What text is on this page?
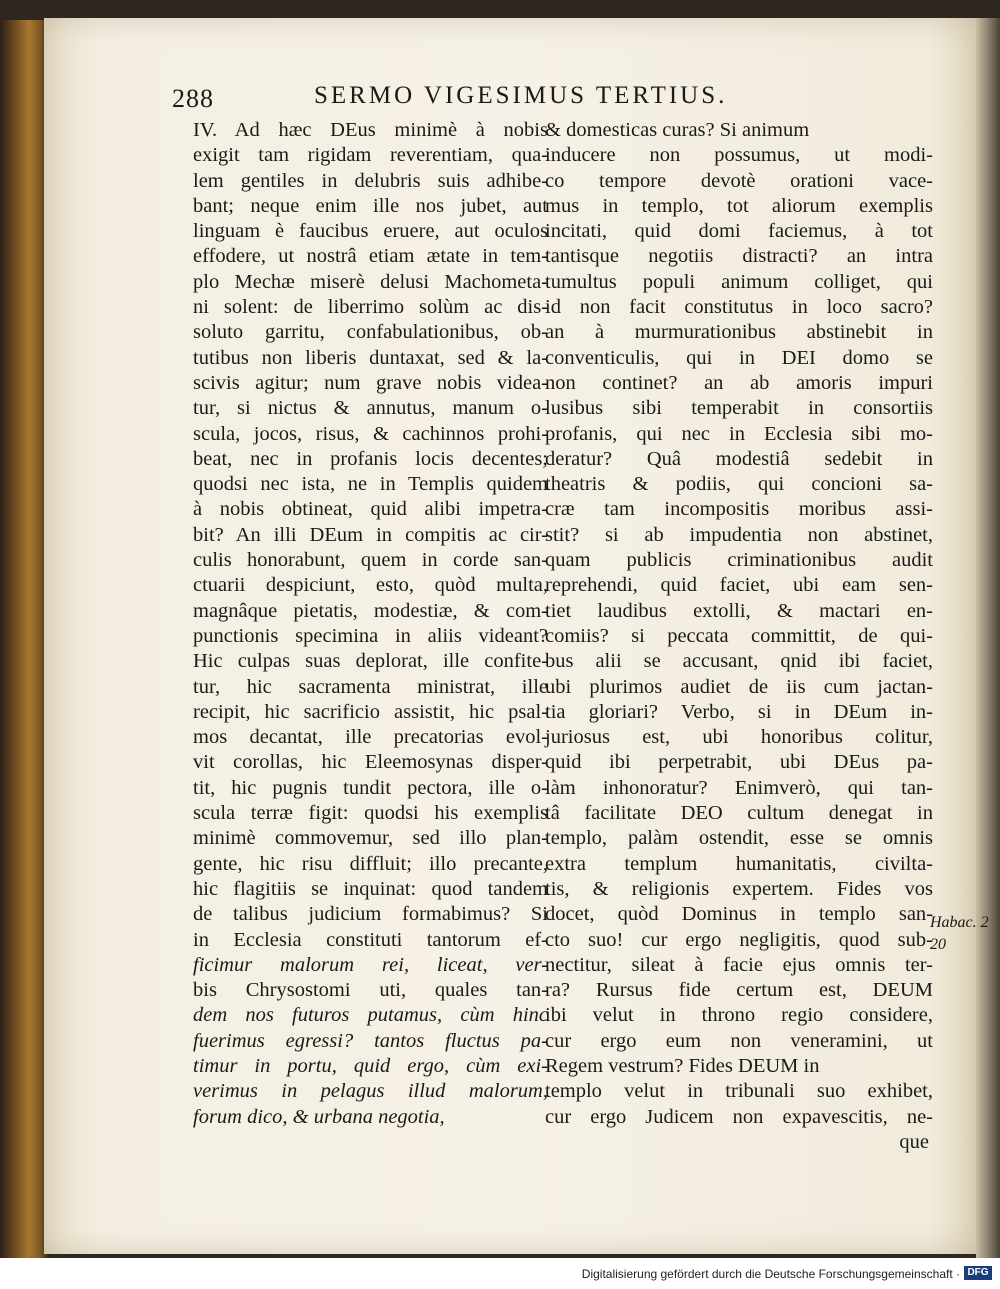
288	SERMO VIGESIMUS TERTIUS.
IV. Ad hæc DEus minimè à nobis
exigit tam rigidam reverentiam, qua-
lem gentiles in delubris suis adhibe-
bant; neque enim ille nos jubet, aut
linguam è faucibus eruere, aut oculos
effodere, ut nostrâ etiam ætate in tem-
plo Mechæ miserè delusi Machometa-
ni solent: de liberrimo solùm ac dis-
soluto garritu, confabulationibus, ob-
tutibus non liberis duntaxat, sed & la-
scivis agitur; num grave nobis videa-
tur, si nictus & annutus, manum o-
scula, jocos, risus, & cachinnos prohi-
beat, nec in profanis locis decentes;
quodsi nec ista, ne in Templis quidem
à nobis obtineat, quid alibi impetra-
bit? An illi DEum in compitis ac cir-
culis honorabunt, quem in corde san-
ctuarii despiciunt, esto, quòd multa,
magnâque pietatis, modestiæ, & com-
punctionis specimina in aliis videant?
Hic culpas suas deplorat, ille confite-
tur, hic sacramenta ministrat, ille
recipit, hic sacrificio assistit, hic psal-
mos decantat, ille precatorias evol-
vit corollas, hic Eleemosynas disper-
tit, hic pugnis tundit pectora, ille o-
scula terræ figit: quodsi his exemplis
minimè commovemur, sed illo plan-
gente, hic risu diffluit; illo precante,
hic flagitiis se inquinat: quod tandem
de talibus judicium formabimus? Si
in Ecclesia constituti tantorum ef-
ficimur malorum rei, liceat, ver-
bis Chrysostomi uti, quales tan-
dem nos futuros putamus, cùm hinc
fuerimus egressi? tantos fluctus pa-
timur in portu, quid ergo, cùm exi-
verimus in pelagus illud malorum,
forum dico, & urbana negotia,
& domesticas curas? Si animum
inducere non possumus, ut modi-
co tempore devotè orationi vace-
mus in templo, tot aliorum exemplis
incitati, quid domi faciemus, à tot
tantisque negotiis distracti? an intra
tumultus populi animum colliget, qui
id non facit constitutus in loco sacro?
an à murmurationibus abstinebit in
conventiculis, qui in DEI domo se
non continet? an ab amoris impuri
lusibus sibi temperabit in consortiis
profanis, qui nec in Ecclesia sibi mo-
deratur? Quâ modestiâ sedebit in
theatris & podiis, qui concioni sa-
cræ tam incompositis moribus assi-
stit? si ab impudentia non abstinet,
quam publicis criminationibus audit
reprehendi, quid faciet, ubi eam sen-
tiet laudibus extolli, & mactari en-
comiis? si peccata committit, de qui-
bus alii se accusant, qnid ibi faciet,
ubi plurimos audiet de iis cum jactan-
tia gloriari? Verbo, si in DEum in-
juriosus est, ubi honoribus colitur,
quid ibi perpetrabit, ubi DEus pa-
làm inhonoratur? Enimverò, qui tan-
tâ facilitate DEO cultum denegat in
templo, palàm ostendit, esse se omnis
extra templum humanitatis, civilta-
tis, & religionis expertem. Fides vos
docet, quòd Dominus in templo san-
cto suo! cur ergo negligitis, quod sub-
nectitur, sileat à facie ejus omnis ter-
ra? Rursus fide certum est, DEUM
ibi velut in throno regio considere,
cur ergo eum non veneramini, ut
Regem vestrum? Fides DEUM in
templo velut in tribunali suo exhibet,
cur ergo Judicem non expavescitis, ne-
que
Habac. 2
20
Digitalisierung gefördert durch die Deutsche Forschungsgemeinschaft · DFG
